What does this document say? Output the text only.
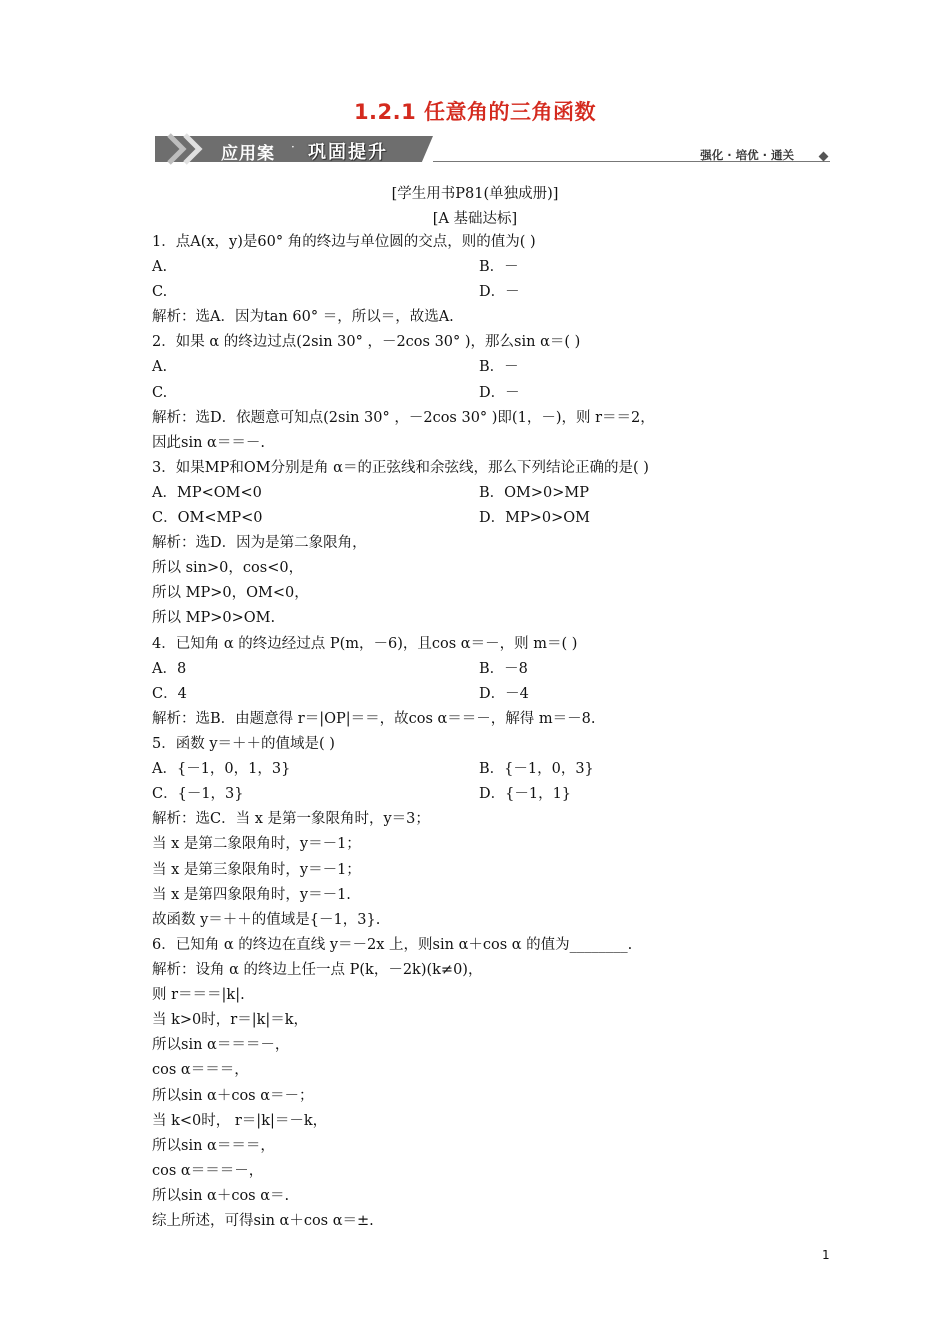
1.2.1 任意角的三角函数
应用案 · 巩固提升	强化 · 培优 · 通关
[学生用书P81(单独成册)]
[A 基础达标]
1．点A(x，y)是60° 角的终边与单位圆的交点，则的值为( )
A.	B．－
C.	D．－
解析：选A．因为tan 60° ＝，所以＝，故选A.
2．如果 α 的终边过点(2sin 30° ，－2cos 30° )，那么sin α＝( )
A.	B．－
C.	D．－
解析：选D．依题意可知点(2sin 30° ，－2cos 30° )即(1，－)，则 r＝＝2，
因此sin α＝＝－.
3．如果MP和OM分别是角 α＝的正弦线和余弦线，那么下列结论正确的是( )
A．MP<OM<0	B．OM>0>MP
C．OM<MP<0	D．MP>0>OM
解析：选D．因为是第二象限角，
所以 sin>0，cos<0，
所以 MP>0，OM<0，
所以 MP>0>OM.
4．已知角 α 的终边经过点 P(m，－6)，且cos α＝－，则 m＝( )
A．8	B．－8
C．4	D．－4
解析：选B．由题意得 r＝|OP|＝＝，故cos α＝＝－，解得 m＝－8.
5．函数 y＝＋＋的值域是( )
A．{－1，0，1，3}	B．{－1，0，3}
C．{－1，3}	D．{－1，1}
解析：选C．当 x 是第一象限角时，y＝3；
当 x 是第二象限角时，y＝－1；
当 x 是第三象限角时，y＝－1；
当 x 是第四象限角时，y＝－1.
故函数 y＝＋＋的值域是{－1，3}.
6．已知角 α 的终边在直线 y＝－2x 上，则sin α＋cos α 的值为________.
解析：设角 α 的终边上任一点 P(k，－2k)(k≠0)，
则 r＝＝＝|k|.
当 k>0时，r＝|k|＝k，
所以sin α＝＝＝－，
cos α＝＝＝，
所以sin α＋cos α＝－；
当 k<0时， r＝|k|＝－k，
所以sin α＝＝＝，
cos α＝＝＝－，
所以sin α＋cos α＝.
综上所述，可得sin α＋cos α＝±.
1
